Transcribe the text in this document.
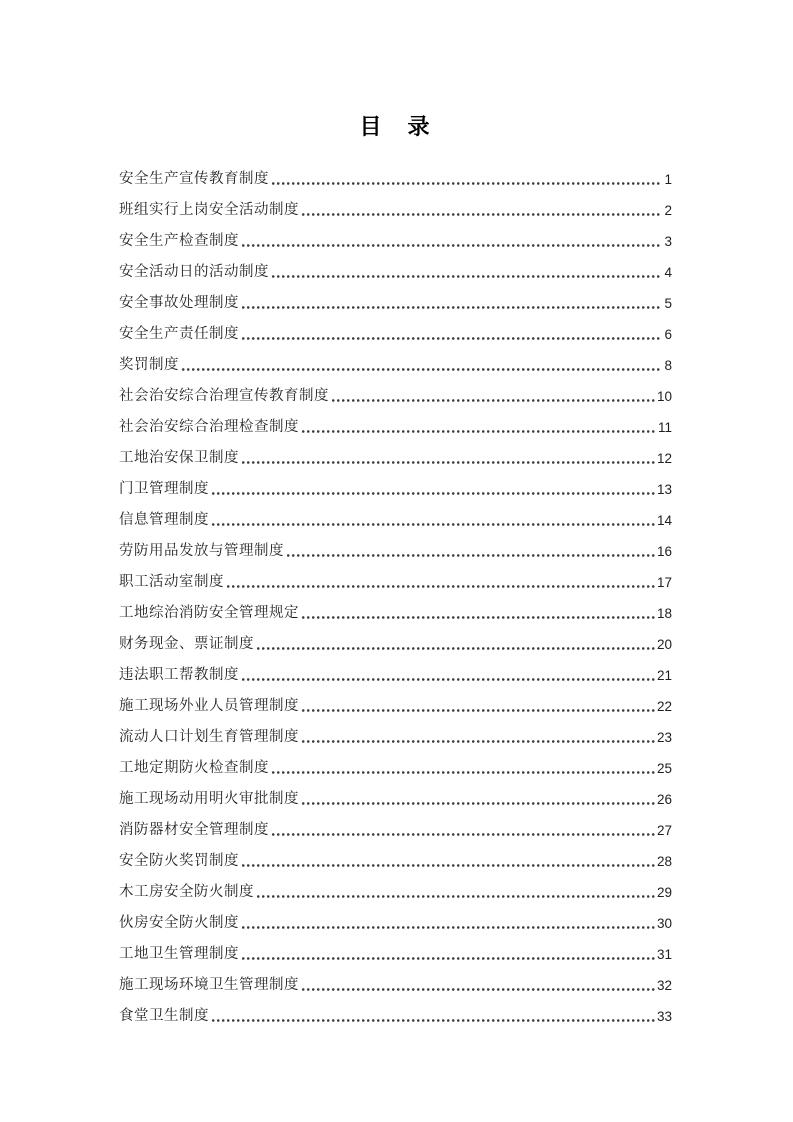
目　录
安全生产宣传教育制度	1
班组实行上岗安全活动制度	2
安全生产检查制度	3
安全活动日的活动制度	4
安全事故处理制度	5
安全生产责任制度	6
奖罚制度	8
社会治安综合治理宣传教育制度	10
社会治安综合治理检查制度	11
工地治安保卫制度	12
门卫管理制度	13
信息管理制度	14
劳防用品发放与管理制度	16
职工活动室制度	17
工地综治消防安全管理规定	18
财务现金、票证制度	20
违法职工帮教制度	21
施工现场外业人员管理制度	22
流动人口计划生育管理制度	23
工地定期防火检查制度	25
施工现场动用明火审批制度	26
消防器材安全管理制度	27
安全防火奖罚制度	28
木工房安全防火制度	29
伙房安全防火制度	30
工地卫生管理制度	31
施工现场环境卫生管理制度	32
食堂卫生制度	33
